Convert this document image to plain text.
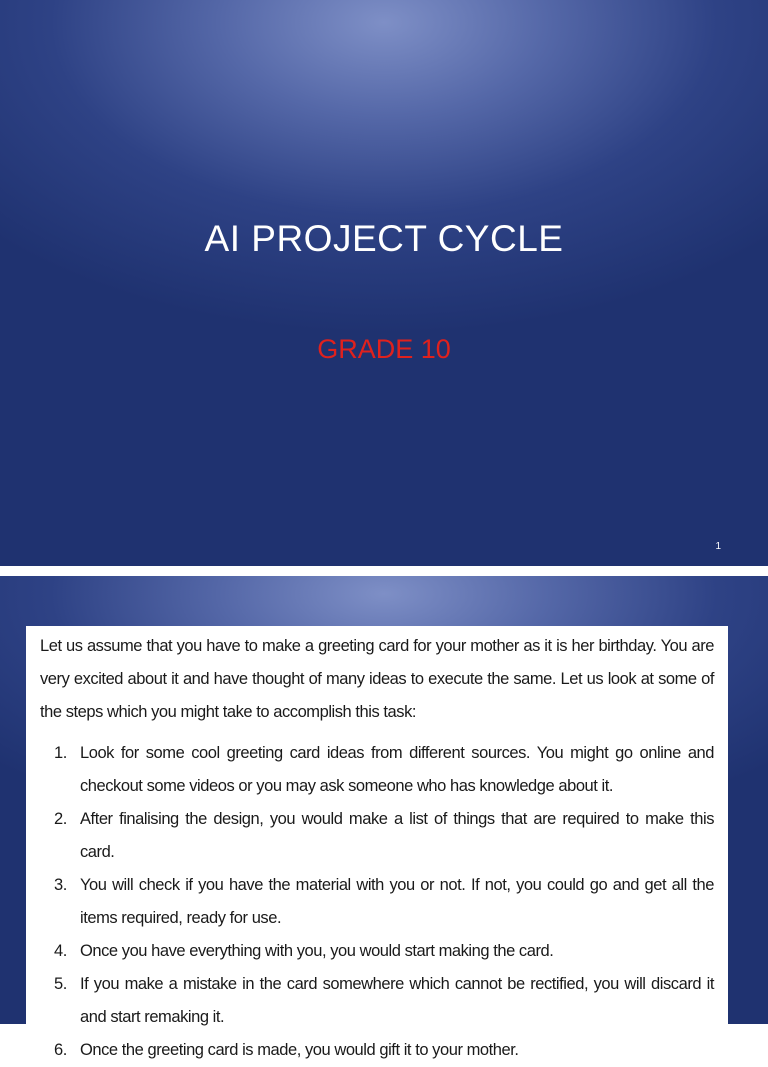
AI PROJECT CYCLE
GRADE 10
1

Let us assume that you have to make a greeting card for your mother as it is her birthday. You are very excited about it and have thought of many ideas to execute the same. Let us look at some of the steps which you might take to accomplish this task:

1. Look for some cool greeting card ideas from different sources. You might go online and checkout some videos or you may ask someone who has knowledge about it.
2. After finalising the design, you would make a list of things that are required to make this card.
3. You will check if you have the material with you or not. If not, you could go and get all the items required, ready for use.
4. Once you have everything with you, you would start making the card.
5. If you make a mistake in the card somewhere which cannot be rectified, you will discard it and start remaking it.
6. Once the greeting card is made, you would gift it to your mother.
